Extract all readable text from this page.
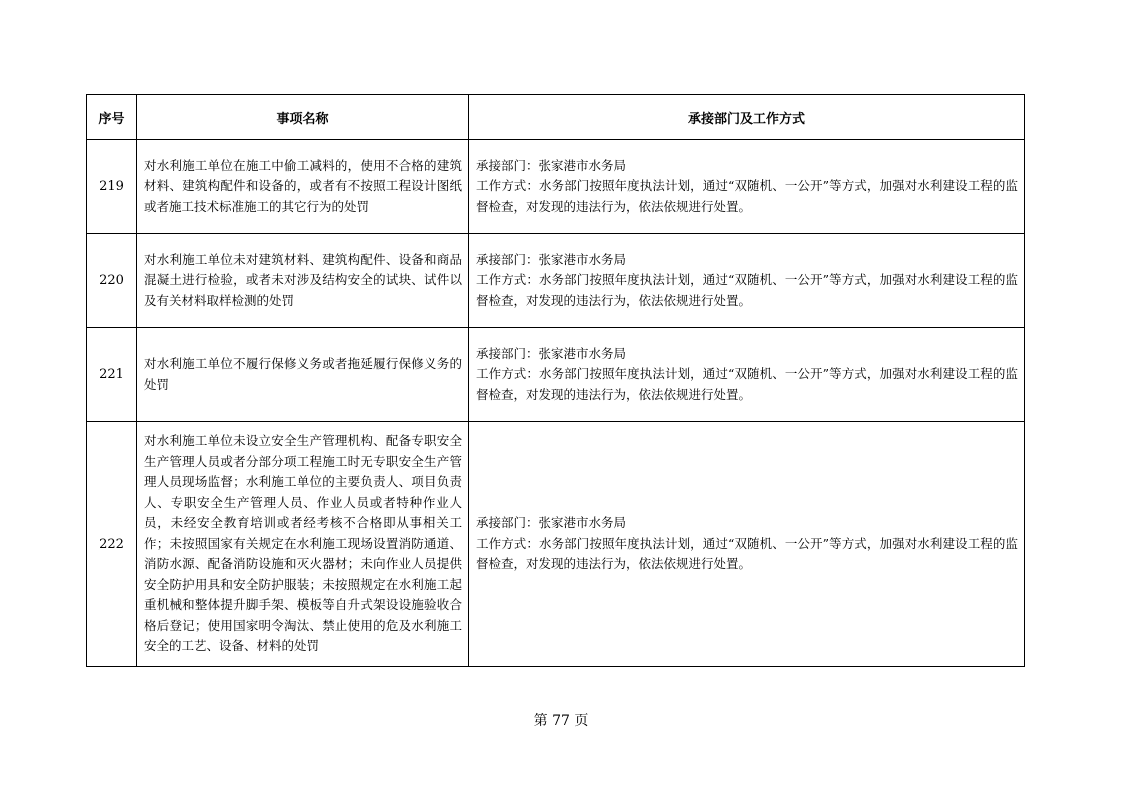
序号	事项名称	承接部门及工作方式
219	对水利施工单位在施工中偷工减料的，使用不合格的建筑材料、建筑构配件和设备的，或者有不按照工程设计图纸或者施工技术标准施工的其它行为的处罚	承接部门：张家港市水务局
工作方式：水务部门按照年度执法计划，通过“双随机、一公开”等方式，加强对水利建设工程的监督检查，对发现的违法行为，依法依规进行处置。

220	对水利施工单位未对建筑材料、建筑构配件、设备和商品混凝土进行检验，或者未对涉及结构安全的试块、试件以及有关材料取样检测的处罚	承接部门：张家港市水务局
工作方式：水务部门按照年度执法计划，通过“双随机、一公开”等方式，加强对水利建设工程的监督检查，对发现的违法行为，依法依规进行处置。

221	对水利施工单位不履行保修义务或者拖延履行保修义务的处罚	承接部门：张家港市水务局
工作方式：水务部门按照年度执法计划，通过“双随机、一公开”等方式，加强对水利建设工程的监督检查，对发现的违法行为，依法依规进行处置。

222	对水利施工单位未设立安全生产管理机构、配备专职安全生产管理人员或者分部分项工程施工时无专职安全生产管理人员现场监督；水利施工单位的主要负责人、项目负责人、专职安全生产管理人员、作业人员或者特种作业人员，未经安全教育培训或者经考核不合格即从事相关工作；未按照国家有关规定在水利施工现场设置消防通道、消防水源、配备消防设施和灭火器材；未向作业人员提供安全防护用具和安全防护服装；未按照规定在水利施工起重机械和整体提升脚手架、模板等自升式架设设施验收合格后登记；使用国家明令淘汰、禁止使用的危及水利施工安全的工艺、设备、材料的处罚	承接部门：张家港市水务局
工作方式：水务部门按照年度执法计划，通过“双随机、一公开”等方式，加强对水利建设工程的监督检查，对发现的违法行为，依法依规进行处置。
第 77 页
